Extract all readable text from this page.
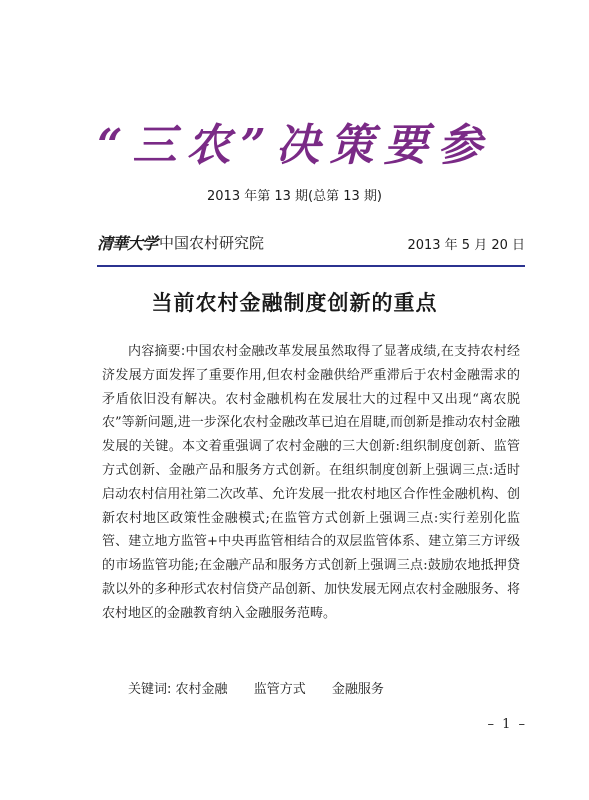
“三农”决策要参
2013 年第 13 期(总第 13 期)
清華大学 中国农村研究院	2013 年 5 月 20 日
当前农村金融制度创新的重点
内容摘要:中国农村金融改革发展虽然取得了显著成绩,在支持农村经济发展方面发挥了重要作用,但农村金融供给严重滞后于农村金融需求的矛盾依旧没有解决。农村金融机构在发展壮大的过程中又出现“离农脱农”等新问题,进一步深化农村金融改革已迫在眉睫,而创新是推动农村金融发展的关键。本文着重强调了农村金融的三大创新:组织制度创新、监管方式创新、金融产品和服务方式创新。在组织制度创新上强调三点:适时启动农村信用社第二次改革、允许发展一批农村地区合作性金融机构、创新农村地区政策性金融模式;在监管方式创新上强调三点:实行差别化监管、建立地方监管+中央再监管相结合的双层监管体系、建立第三方评级的市场监管功能;在金融产品和服务方式创新上强调三点:鼓励农地抵押贷款以外的多种形式农村信贷产品创新、加快发展无网点农村金融服务、将农村地区的金融教育纳入金融服务范畴。
关键词: 农村金融 监管方式 金融服务
– 1 –
